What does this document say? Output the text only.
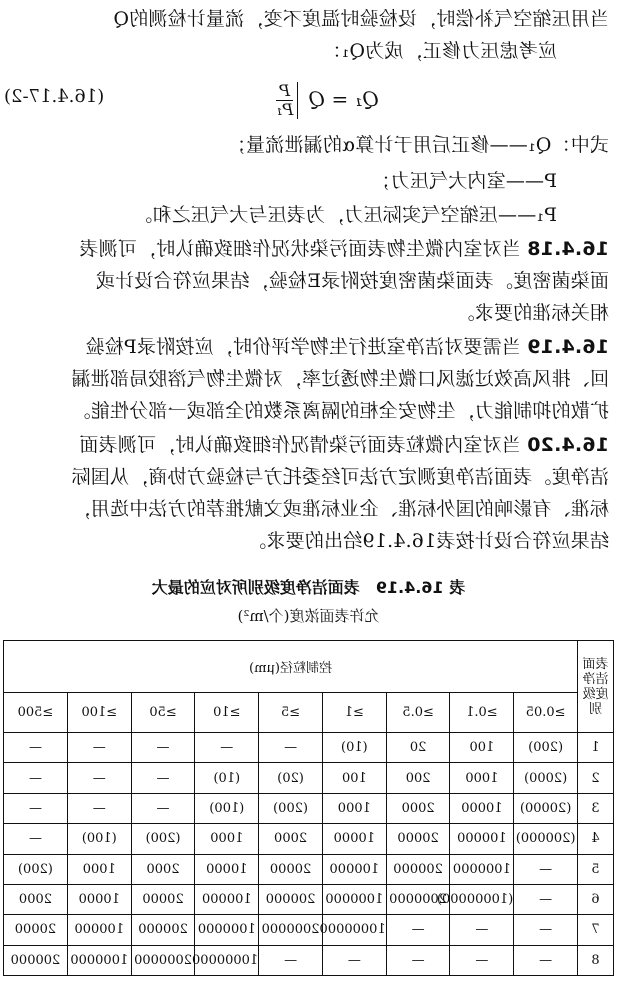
当用压缩空气补偿时，设检验时温度不变，流量计检测的Q
应考虑压力修正，成为Q₁：
Q₁ = Q
$\frac{P}{\text{P₁}}$
(16.4.17-2)
式中：Q₁——修正后用于计算α的漏泄流量；
P——室内大气压力；
P₁——压缩空气实际压力，为表压与大气压之和。
16.4.18 当对室内微生物表面污染状况作细致确认时，可测表
面染菌密度。表面染菌密度按附录E检验，结果应符合设计或
相关标准的要求。
16.4.19 当需要对洁净室进行生物学评价时，应按附录P检验
回、排风高效过滤风口微生物透过率，对微生物气溶胶局部泄漏
扩散的抑制能力，生物安全柜的隔离系数的全部或一部分性能。
16.4.20 当对室内微粒表面污染情况作细致确认时，可测表面
洁净度。表面洁净度测定方法可经委托方与检验方协商，从国际
标准、有影响的国外标准、企业标准或文献推荐的方法中选用，
结果应符合设计按表16.4.19给出的要求。
表 16.4.19　表面洁净度级别所对应的最大
允许表面浓度(个/m²)
表面洁净度级别	控制粒径(μm)								
	≥0.05	≥0.1	≥0.5	≥1	≥5	≥10	≥50	≥100	≥500
1	(200)	100	20	(10)	—	—	—	—	—
2	(2000)	1000	200	100	(20)	(10)	—	—	—
3	(20000)	10000	2000	1000	(200)	(100)	—	—	—
4	(200000)	100000	20000	10000	2000	1000	(200)	(100)	—
5	—	1000000	200000	100000	20000	10000	2000	1000	(200)
6	—	(10000000)	2000000	1000000	200000	100000	20000	10000	2000
7	—	—	—	10000000	2000000	1000000	200000	100000	20000
8	—	—	—	—	—	10000000	2000000	1000000	200000
